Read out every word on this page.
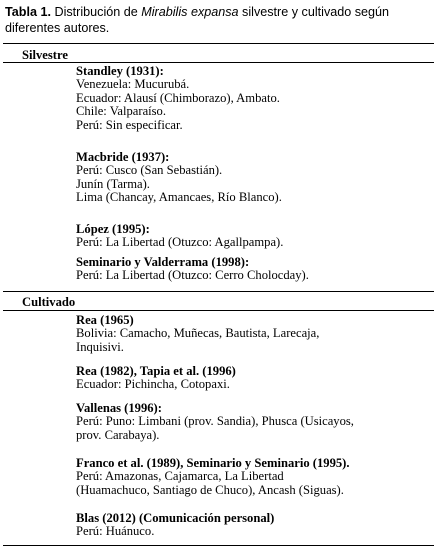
Tabla 1. Distribución de Mirabilis expansa silvestre y cultivado según diferentes autores.
Silvestre
Standley (1931):
Venezuela: Mucurubá.
Ecuador: Alausí (Chimborazo), Ambato.
Chile: Valparaíso.
Perú: Sin especificar.
Macbride (1937):
Perú: Cusco (San Sebastián).
Junín (Tarma).
Lima (Chancay, Amancaes, Río Blanco).
López (1995):
Perú: La Libertad (Otuzco: Agallpampa).
Seminario y Valderrama (1998):
Perú: La Libertad (Otuzco: Cerro Cholocday).
Cultivado
Rea (1965)
Bolivia: Camacho, Muñecas, Bautista, Larecaja,
Inquisivi.
Rea (1982), Tapia et al. (1996)
Ecuador: Pichincha, Cotopaxi.
Vallenas (1996):
Perú: Puno: Limbani (prov. Sandia), Phusca (Usicayos,
prov. Carabaya).
Franco et al. (1989), Seminario y Seminario (1995).
Perú: Amazonas, Cajamarca, La Libertad
(Huamachuco, Santiago de Chuco), Ancash (Siguas).
Blas (2012) (Comunicación personal)
Perú: Huánuco.
